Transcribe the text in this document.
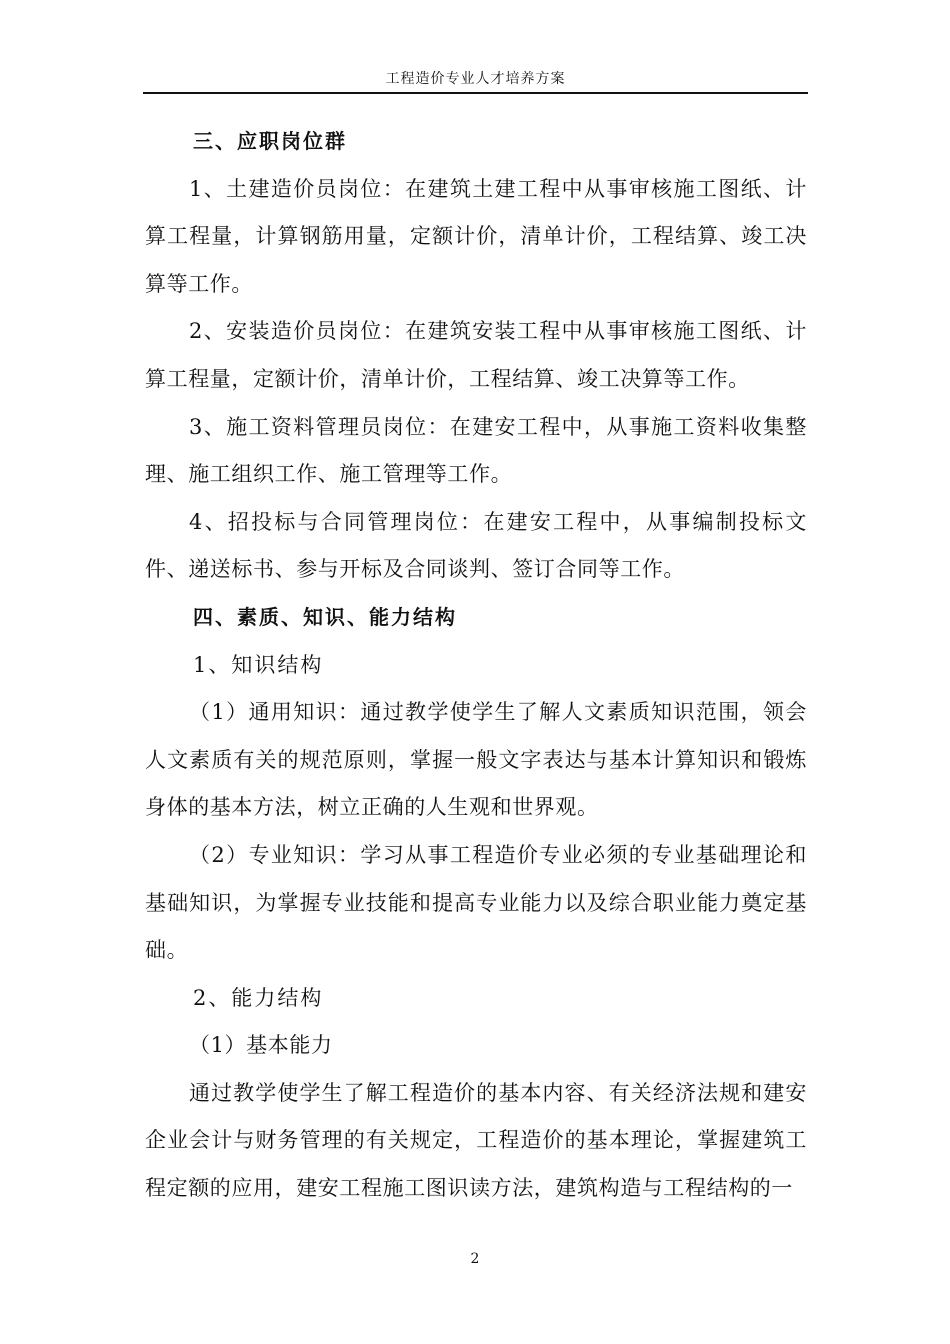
工程造价专业人才培养方案

三、应职岗位群

1、土建造价员岗位：在建筑土建工程中从事审核施工图纸、计算工程量，计算钢筋用量，定额计价，清单计价，工程结算、竣工决算等工作。

2、安装造价员岗位：在建筑安装工程中从事审核施工图纸、计算工程量，定额计价，清单计价，工程结算、竣工决算等工作。

3、施工资料管理员岗位：在建安工程中，从事施工资料收集整理、施工组织工作、施工管理等工作。

4、招投标与合同管理岗位：在建安工程中，从事编制投标文件、递送标书、参与开标及合同谈判、签订合同等工作。

四、素质、知识、能力结构

1、知识结构

（1）通用知识：通过教学使学生了解人文素质知识范围，领会人文素质有关的规范原则，掌握一般文字表达与基本计算知识和锻炼身体的基本方法，树立正确的人生观和世界观。

（2）专业知识：学习从事工程造价专业必须的专业基础理论和基础知识，为掌握专业技能和提高专业能力以及综合职业能力奠定基础。

2、能力结构

（1）基本能力

通过教学使学生了解工程造价的基本内容、有关经济法规和建安企业会计与财务管理的有关规定，工程造价的基本理论，掌握建筑工程定额的应用，建安工程施工图识读方法，建筑构造与工程结构的一

2
